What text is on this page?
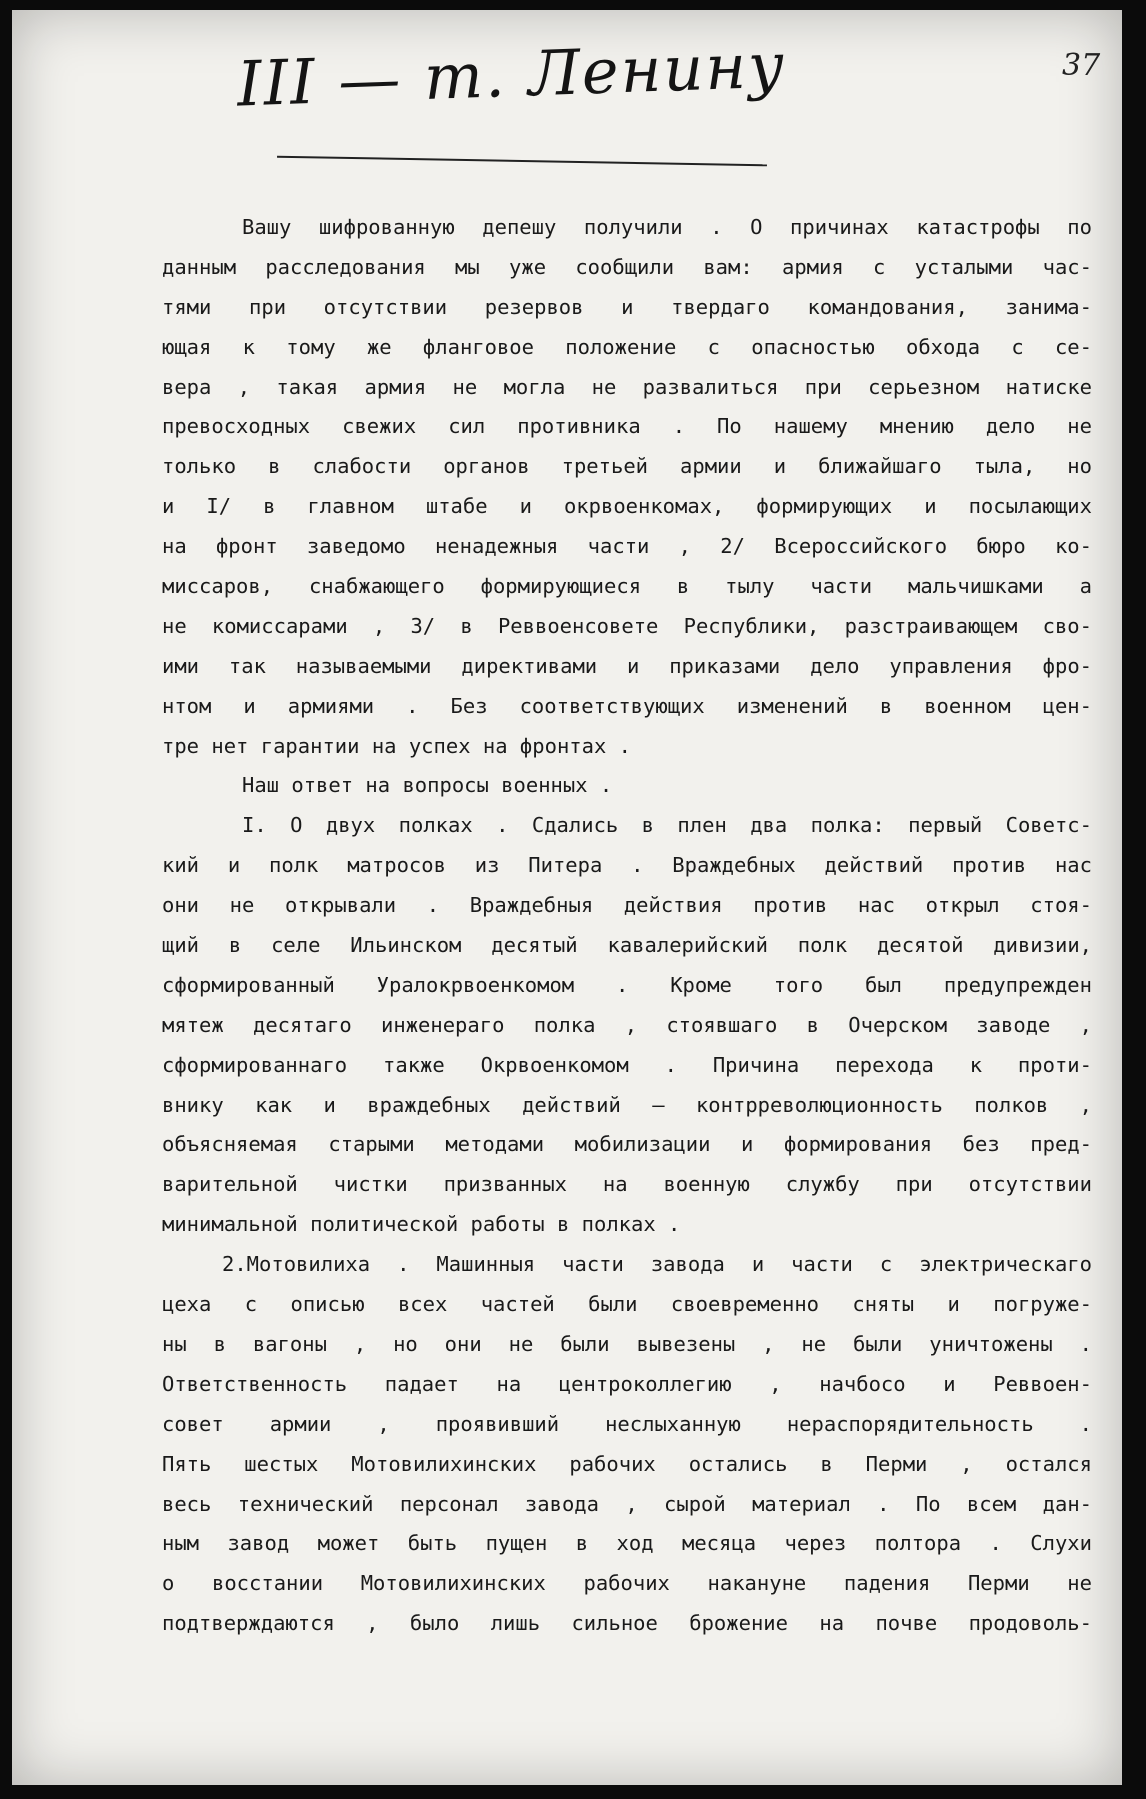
III — т. Ленину	37
Вашу шифрованную депешу получили . О причинах катастрофы по
данным расследования мы уже сообщили вам: армия с усталыми час-
тями при отсутствии резервов и твердаго командования, занима-
ющая к тому же фланговое положение с опасностью обхода с се-
вера , такая армия не могла не развалиться при серьезном натиске
превосходных свежих сил противника . По нашему мнению дело не
только в слабости органов третьей армии и ближайшаго тыла, но
и I/ в главном штабе и окрвоенкомах, формирующих и посылающих
на фронт заведомо ненадежныя части , 2/ Всероссийского бюро ко-
миссаров, снабжающего формирующиеся в тылу части мальчишками а
не комиссарами , 3/ в Реввоенсовете Республики, разстраивающем сво-
ими так называемыми директивами и приказами дело управления фро-
нтом и армиями . Без соответствующих изменений в военном цен-
тре нет гарантии на успех на фронтах .
Наш ответ на вопросы военных .
I. О двух полках . Сдались в плен два полка: первый Советс-
кий и полк матросов из Питера . Враждебных действий против нас
они не открывали . Враждебныя действия против нас открыл стоя-
щий в селе Ильинском десятый кавалерийский полк десятой дивизии,
сформированный Уралокрвоенкомом . Кроме того был предупрежден
мятеж десятаго инженераго полка , стоявшаго в Очерском заводе ,
сформированнаго также Окрвоенкомом . Причина перехода к проти-
внику как и враждебных действий — контрреволюционность полков ,
объясняемая старыми методами мобилизации и формирования без пред-
варительной чистки призванных на военную службу при отсутствии
минимальной политической работы в полках .
2.Мотовилиха . Машинныя части завода и части с электрическаго
цеха с описью всех частей были своевременно сняты и погруже-
ны в вагоны , но они не были вывезены , не были уничтожены .
Ответственность падает на центроколлегию , начбосо и Реввоен-
совет армии , проявивший неслыханную нераспорядительность .
Пять шестых Мотовилихинских рабочих остались в Перми , остался
весь технический персонал завода , сырой материал . По всем дан-
ным завод может быть пущен в ход месяца через полтора . Слухи
о восстании Мотовилихинских рабочих накануне падения Перми не
подтверждаются , было лишь сильное брожение на почве продоволь-
